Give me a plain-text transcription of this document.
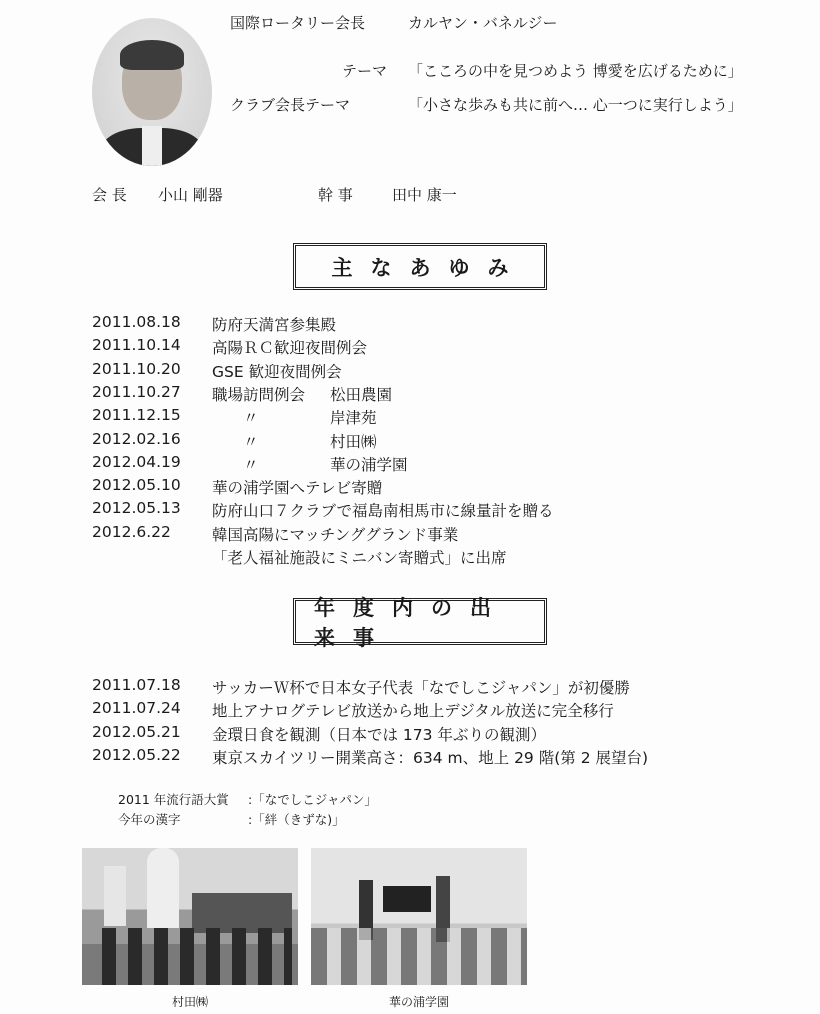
国際ロータリー会長	カルヤン・バネルジー
テーマ 「こころの中を見つめよう 博愛を広げるために」
クラブ会長テーマ	「小さな歩みも共に前へ… 心一つに実行しよう」
会 長 小山 剛器	幹 事	田中 康一
主なあゆみ
2011.08.18 防府天満宮参集殿
2011.10.14 高陽ＲＣ歓迎夜間例会
2011.10.20 GSE 歓迎夜間例会
2011.10.27 職場訪問例会 松田農園
2011.12.15 　　〃	岸津苑
2012.02.16 　　〃	村田㈱
2012.04.19 　　〃	華の浦学園
2012.05.10 華の浦学園へテレビ寄贈
2012.05.13 防府山口７クラブで福島南相馬市に線量計を贈る
2012.6.22	韓国高陽にマッチンググランド事業
「老人福祉施設にミニバン寄贈式」に出席
年度内の出来事
2011.07.18 サッカーＷ杯で日本女子代表「なでしこジャパン」が初優勝
2011.07.24 地上アナログテレビ放送から地上デジタル放送に完全移行
2012.05.21 金環日食を観測（日本では 173 年ぶりの観測）
2012.05.22 東京スカイツリー開業高さ：634 m、地上 29 階(第 2 展望台)
2011 年流行語大賞 :「なでしこジャパン」
今年の漢字	:「絆（きずな)」
村田㈱	華の浦学園
